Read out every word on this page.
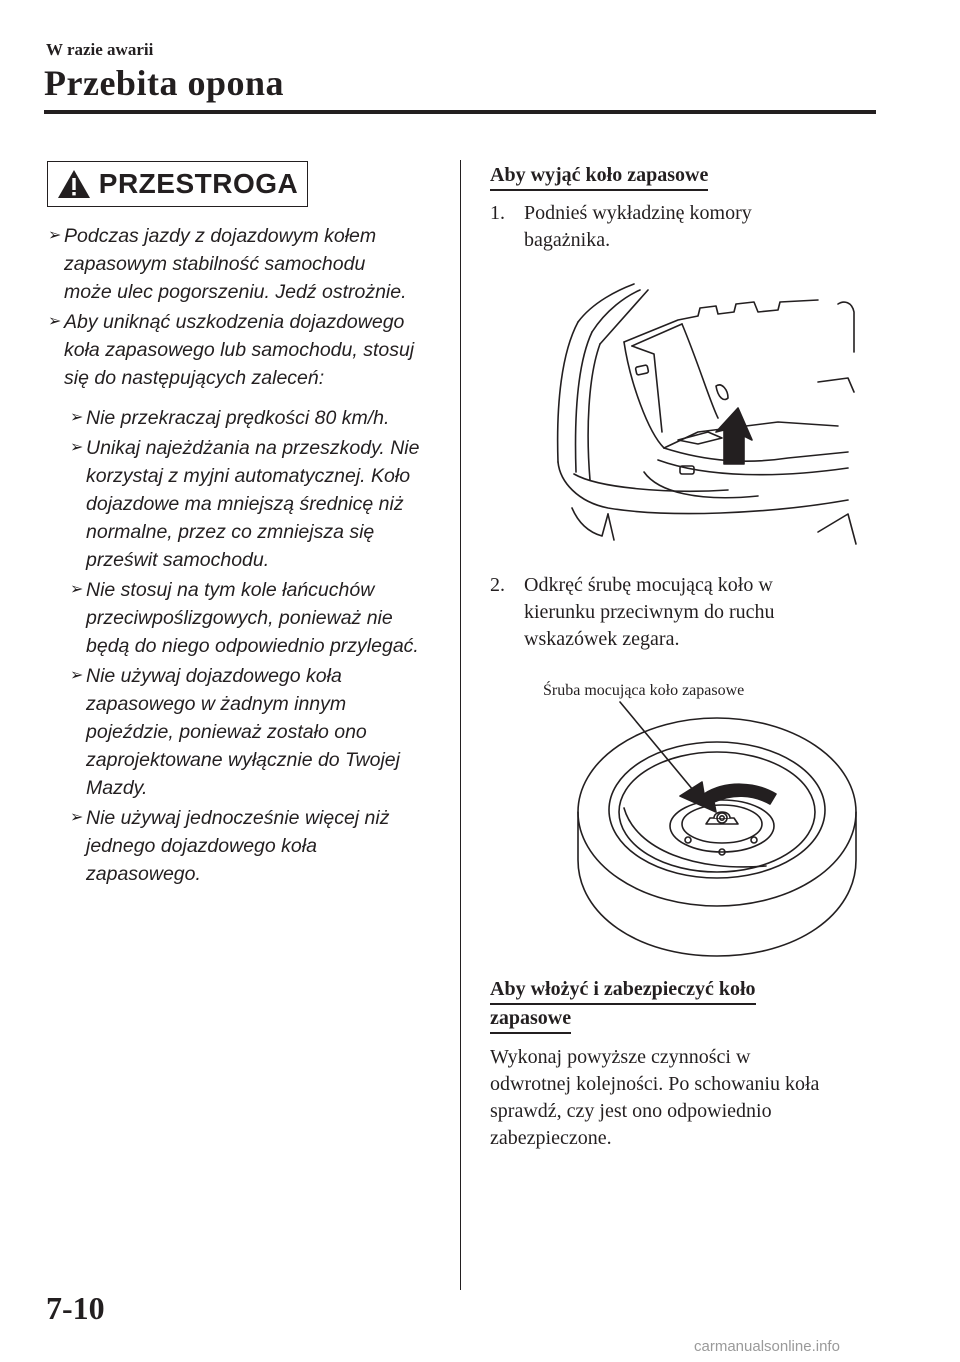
W razie awarii
Przebita opona
PRZESTROGA
➢ Podczas jazdy z dojazdowym kołem
zapasowym stabilność samochodu
może ulec pogorszeniu. Jedź ostrożnie.
➢ Aby uniknąć uszkodzenia dojazdowego
koła zapasowego lub samochodu, stosuj
się do następujących zaleceń:
➢ Nie przekraczaj prędkości 80 km/h.
➢ Unikaj najeżdżania na przeszkody. Nie
korzystaj z myjni automatycznej. Koło
dojazdowe ma mniejszą średnicę niż
normalne, przez co zmniejsza się
prześwit samochodu.
➢ Nie stosuj na tym kole łańcuchów
przeciwpoślizgowych, ponieważ nie
będą do niego odpowiednio przylegać.
➢ Nie używaj dojazdowego koła
zapasowego w żadnym innym
pojeździe, ponieważ zostało ono
zaprojektowane wyłącznie do Twojej
Mazdy.
➢ Nie używaj jednocześnie więcej niż
jednego dojazdowego koła
zapasowego.
Aby wyjąć koło zapasowe
1. Podnieś wykładzinę komory
bagażnika.
2. Odkręć śrubę mocującą koło w
kierunku przeciwnym do ruchu
wskazówek zegara.
Śruba mocująca koło zapasowe
Aby włożyć i zabezpieczyć koło
zapasowe
Wykonaj powyższe czynności w
odwrotnej kolejności. Po schowaniu koła
sprawdź, czy jest ono odpowiednio
zabezpieczone.
7-10
carmanualsonline.info
